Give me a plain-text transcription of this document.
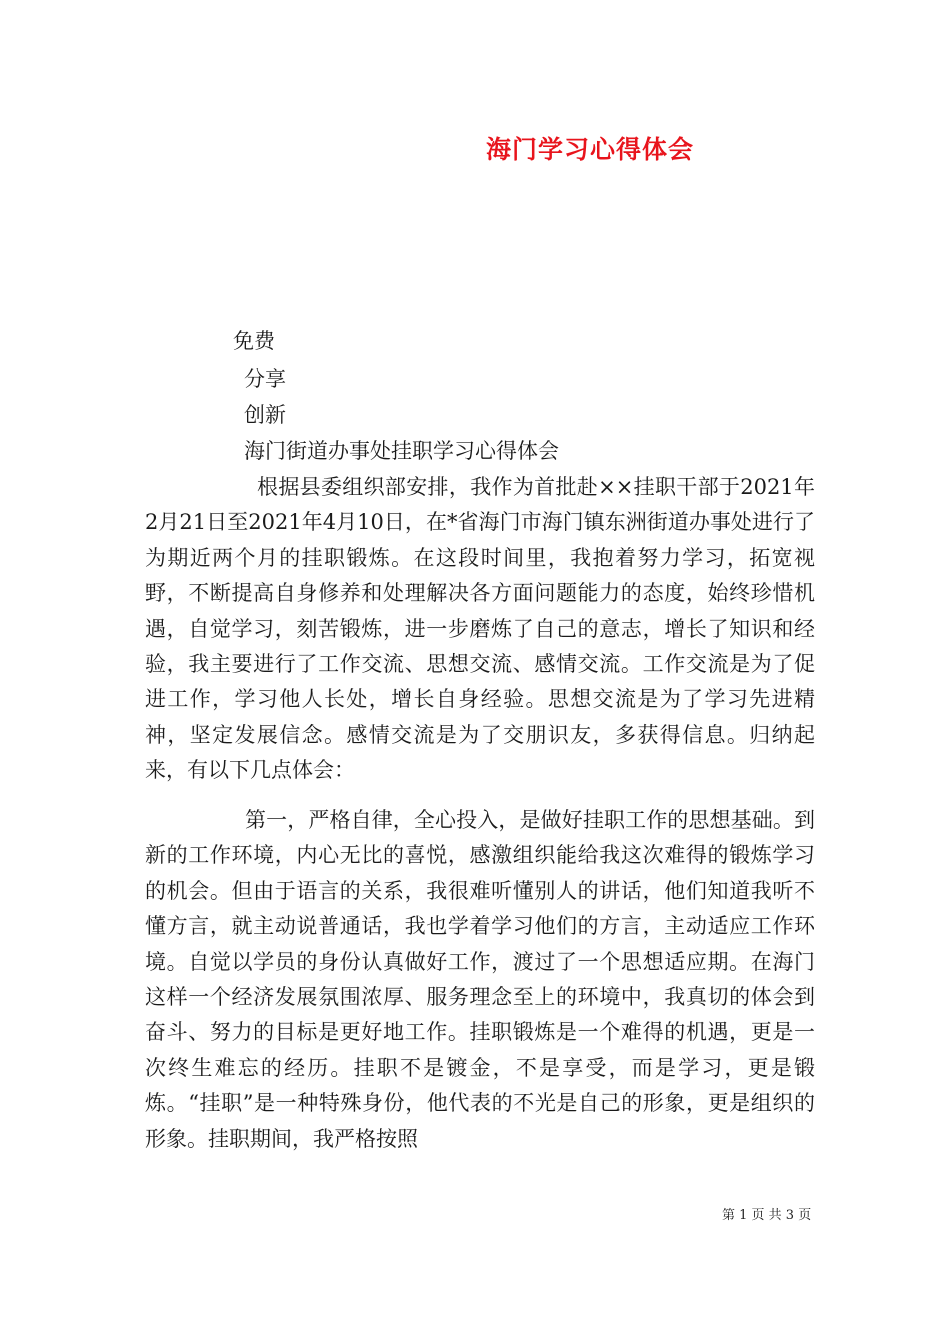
海门学习心得体会
免费
分享
创新
海门街道办事处挂职学习心得体会
根据县委组织部安排，我作为首批赴××挂职干部于2021年2月21日至2021年4月10日，在*省海门市海门镇东洲街道办事处进行了为期近两个月的挂职锻炼。在这段时间里，我抱着努力学习，拓宽视野，不断提高自身修养和处理解决各方面问题能力的态度，始终珍惜机遇，自觉学习，刻苦锻炼，进一步磨炼了自己的意志，增长了知识和经验，我主要进行了工作交流、思想交流、感情交流。工作交流是为了促进工作，学习他人长处，增长自身经验。思想交流是为了学习先进精神，坚定发展信念。感情交流是为了交朋识友，多获得信息。归纳起来，有以下几点体会：
第一，严格自律，全心投入，是做好挂职工作的思想基础。到新的工作环境，内心无比的喜悦，感激组织能给我这次难得的锻炼学习的机会。但由于语言的关系，我很难听懂别人的讲话，他们知道我听不懂方言，就主动说普通话，我也学着学习他们的方言，主动适应工作环境。自觉以学员的身份认真做好工作，渡过了一个思想适应期。在海门这样一个经济发展氛围浓厚、服务理念至上的环境中，我真切的体会到奋斗、努力的目标是更好地工作。挂职锻炼是一个难得的机遇，更是一次终生难忘的经历。挂职不是镀金，不是享受，而是学习，更是锻炼。“挂职”是一种特殊身份，他代表的不光是自己的形象，更是组织的形象。挂职期间，我严格按照
第 1 页 共 3 页
